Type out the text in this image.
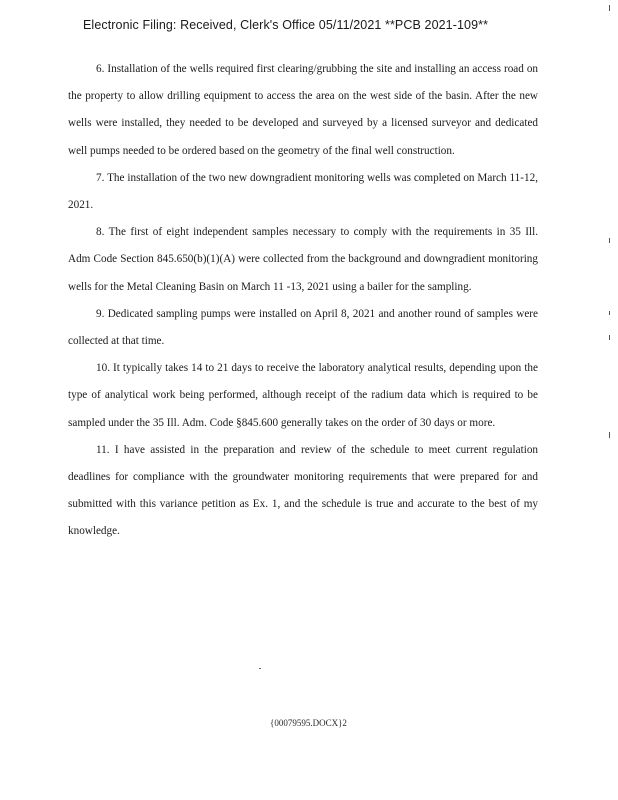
Electronic Filing: Received, Clerk's Office 05/11/2021 **PCB 2021-109**

6. Installation of the wells required first clearing/grubbing the site and installing an access road on the property to allow drilling equipment to access the area on the west side of the basin. After the new wells were installed, they needed to be developed and surveyed by a licensed surveyor and dedicated well pumps needed to be ordered based on the geometry of the final well construction.

7. The installation of the two new downgradient monitoring wells was completed on March 11-12, 2021.

8. The first of eight independent samples necessary to comply with the requirements in 35 Ill. Adm Code Section 845.650(b)(1)(A) were collected from the background and downgradient monitoring wells for the Metal Cleaning Basin on March 11 -13, 2021 using a bailer for the sampling.

9. Dedicated sampling pumps were installed on April 8, 2021 and another round of samples were collected at that time.

10. It typically takes 14 to 21 days to receive the laboratory analytical results, depending upon the type of analytical work being performed, although receipt of the radium data which is required to be sampled under the 35 Ill. Adm. Code §845.600 generally takes on the order of 30 days or more.

11. I have assisted in the preparation and review of the schedule to meet current regulation deadlines for compliance with the groundwater monitoring requirements that were prepared for and submitted with this variance petition as Ex. 1, and the schedule is true and accurate to the best of my knowledge.

{00079595.DOCX}2
